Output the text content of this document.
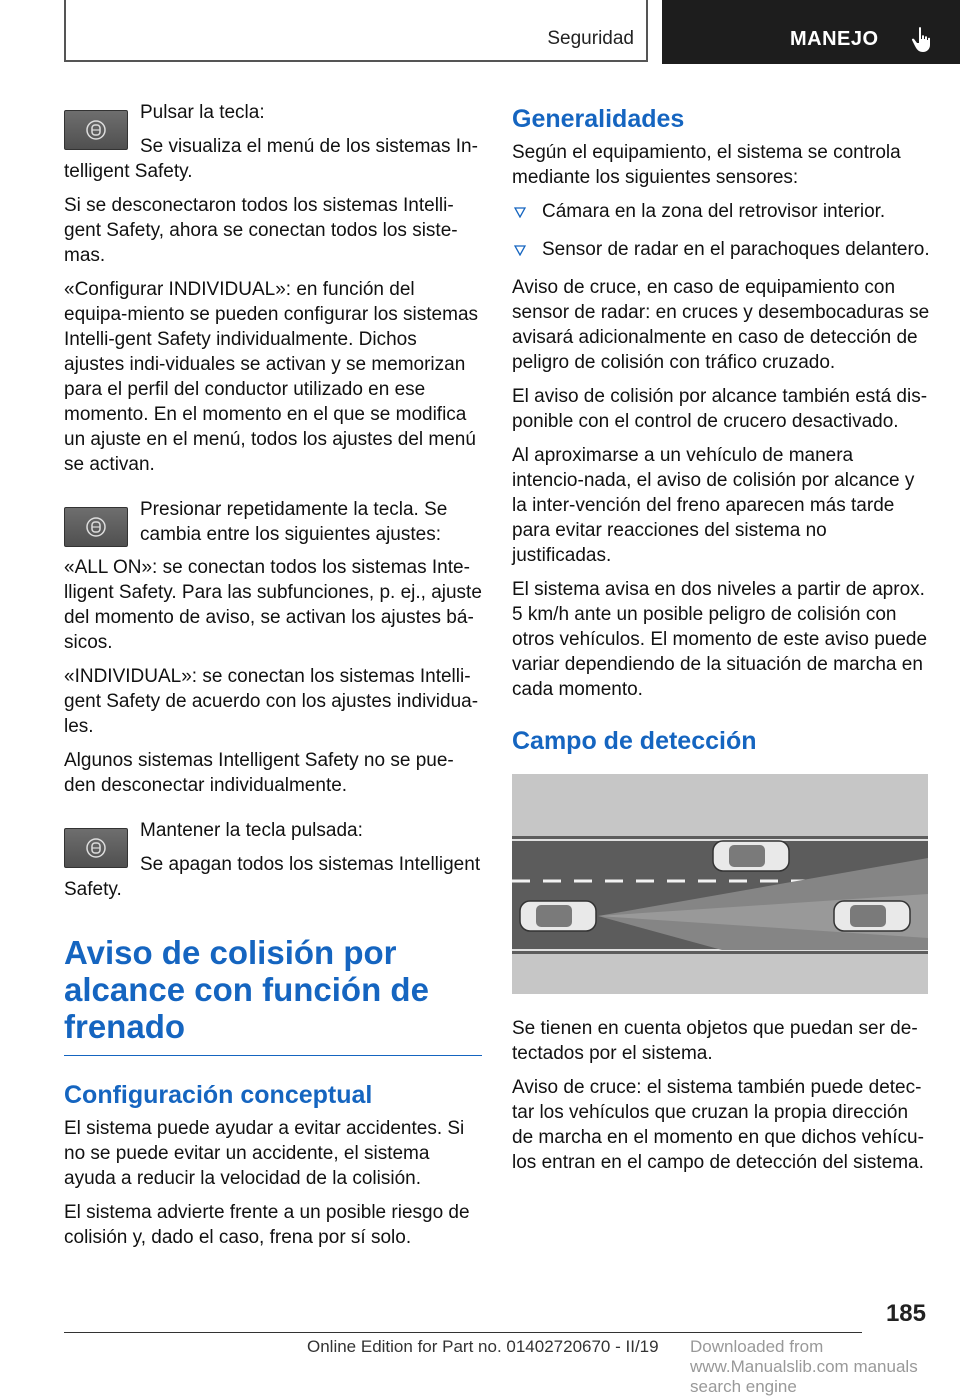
Seguridad	MANEJO

Pulsar la tecla:

Se visualiza el menú de los sistemas In‐

telligent Safety.

Si se desconectaron todos los sistemas Intelli‐gent Safety, ahora se conectan todos los siste‐mas.

«Configurar INDIVIDUAL»: en función del equipa‐miento se pueden configurar los sistemas Intelli‐gent Safety individualmente. Dichos ajustes indi‐viduales se activan y se memorizan para el perfil del conductor utilizado en ese momento. En el momento en el que se modifica un ajuste en el menú, todos los ajustes del menú se activan.

Presionar repetidamente la tecla. Se cambia entre los siguientes ajustes:

«ALL ON»: se conectan todos los sistemas Inte‐lligent Safety. Para las subfunciones, p. ej., ajuste del momento de aviso, se activan los ajustes bá‐sicos.

«INDIVIDUAL»: se conectan los sistemas Intelli‐gent Safety de acuerdo con los ajustes individua‐les.

Algunos sistemas Intelligent Safety no se pue‐den desconectar individualmente.

Mantener la tecla pulsada:

Se apagan todos los sistemas Intelligent

Safety.

Aviso de colisión por alcance con función de frenado
Configuración conceptual

El sistema puede ayudar a evitar accidentes. Si no se puede evitar un accidente, el sistema ayuda a reducir la velocidad de la colisión.

El sistema advierte frente a un posible riesgo de colisión y, dado el caso, frena por sí solo.

Generalidades

Según el equipamiento, el sistema se controla mediante los siguientes sensores:

Cámara en la zona del retrovisor interior.
Sensor de radar en el parachoques delantero.

Aviso de cruce, en caso de equipamiento con sensor de radar: en cruces y desembocaduras se avisará adicionalmente en caso de detección de peligro de colisión con tráfico cruzado.

El aviso de colisión por alcance también está dis‐ponible con el control de crucero desactivado.

Al aproximarse a un vehículo de manera intencio‐nada, el aviso de colisión por alcance y la inter‐vención del freno aparecen más tarde para evitar reacciones del sistema no justificadas.

El sistema avisa en dos niveles a partir de aprox. 5 km/h ante un posible peligro de colisión con otros vehículos. El momento de este aviso puede variar dependiendo de la situación de marcha en cada momento.

Campo de detección

Se tienen en cuenta objetos que puedan ser de‐tectados por el sistema.

Aviso de cruce: el sistema también puede detec‐tar los vehículos que cruzan la propia dirección de marcha en el momento en que dichos vehícu‐los entran en el campo de detección del sistema.

185
Online Edition for Part no. 01402720670 - II/19 Downloaded from www.Manualslib.com manuals search engine
